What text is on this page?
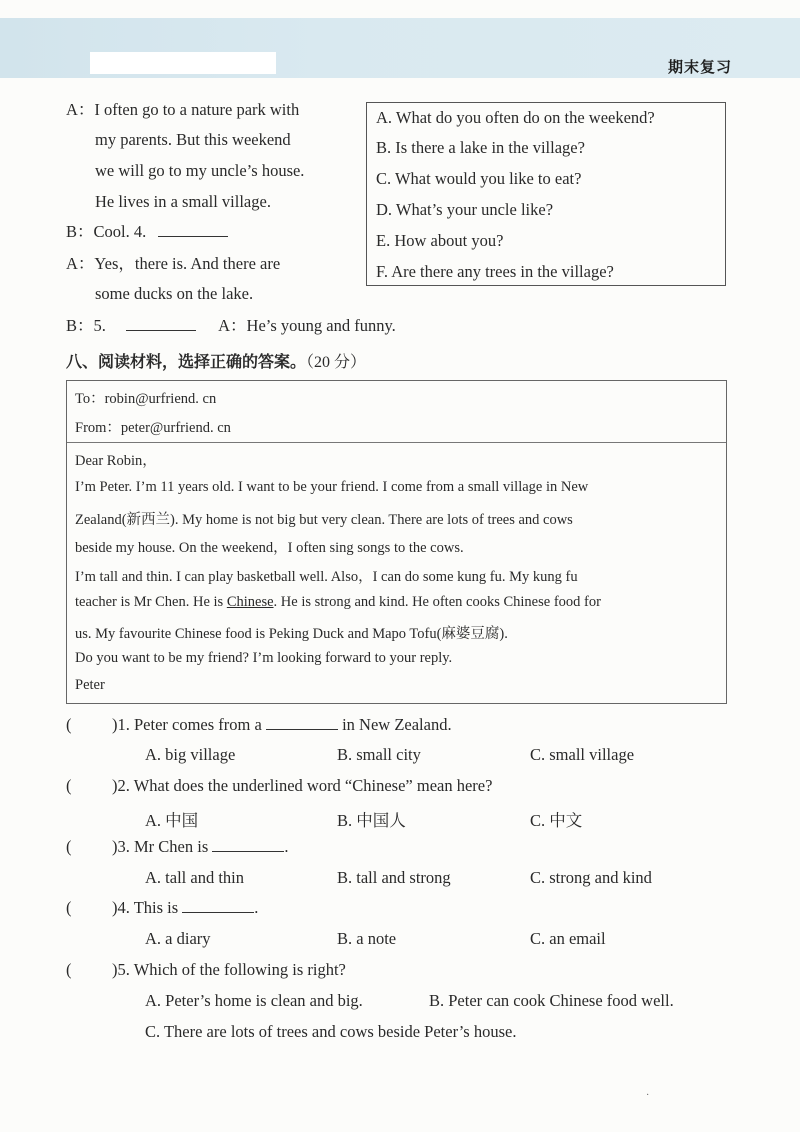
期末复习
A：I often go to a nature park with
my parents. But this weekend
we will go to my uncle’s house.
He lives in a small village.
B：Cool. 4.
A：Yes，there is. And there are
some ducks on the lake.
B：5.	A：He’s young and funny.
A. What do you often do on the weekend?
B. Is there a lake in the village?
C. What would you like to eat?
D. What’s your uncle like?
E. How about you?
F. Are there any trees in the village?
八、阅读材料，选择正确的答案。（20 分）
To：robin@urfriend. cn
From：peter@urfriend. cn
Dear Robin，
I’m Peter. I’m 11 years old. I want to be your friend. I come from a small village in New
Zealand(新西兰). My home is not big but very clean. There are lots of trees and cows
beside my house. On the weekend，I often sing songs to the cows.
I’m tall and thin. I can play basketball well. Also，I can do some kung fu. My kung fu
teacher is Mr Chen. He is Chinese. He is strong and kind. He often cooks Chinese food for
us. My favourite Chinese food is Peking Duck and Mapo Tofu(麻婆豆腐).
Do you want to be my friend? I’m looking forward to your reply.
Peter
( )1. Peter comes from a	in New Zealand.
A. big village	B. small city	C. small village
( )2. What does the underlined word “Chinese” mean here?
A. 中国	B. 中国人	C. 中文
( )3. Mr Chen is	.
A. tall and thin	B. tall and strong	C. strong and kind
( )4. This is	.
A. a diary	B. a note	C. an email
( )5. Which of the following is right?
A. Peter’s home is clean and big.	B. Peter can cook Chinese food well.
C. There are lots of trees and cows beside Peter’s house.
·
